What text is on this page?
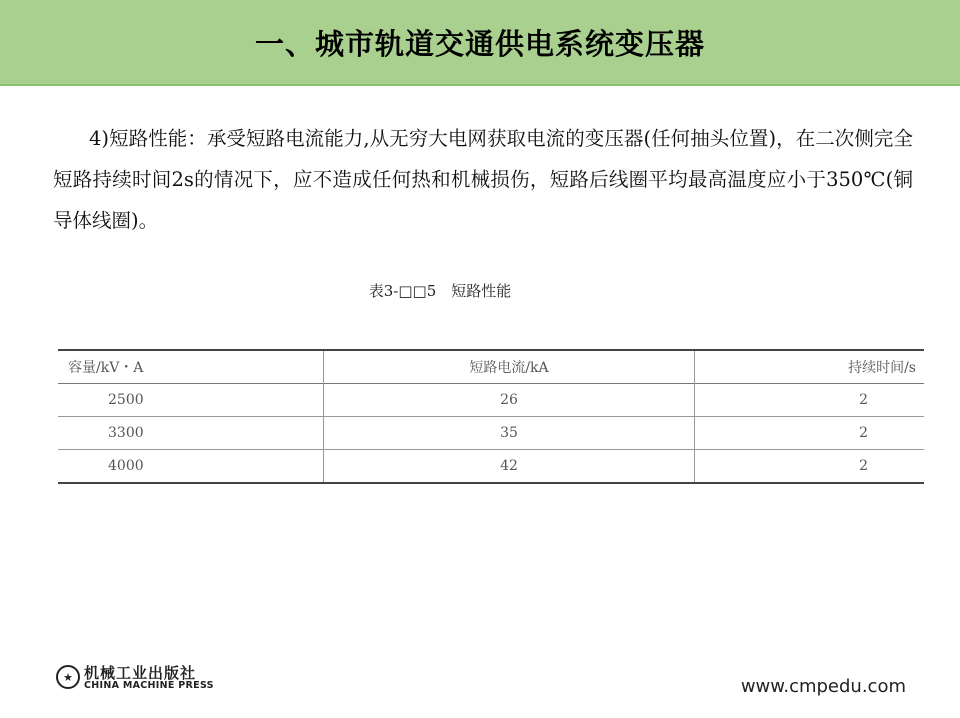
一、城市轨道交通供电系统变压器

4)短路性能：承受短路电流能力,从无穷大电网获取电流的变压器(任何抽头位置)，在二次侧完全短路持续时间2s的情况下，应不造成任何热和机械损伤，短路后线圈平均最高温度应小于350℃(铜导体线圈)。

表3-□□5　短路性能
容量/kV・A	短路电流/kA	持续时间/s
2500	26	2
3300	35	2
4000	42	2
★ 机械工业出版社
CHINA MACHINE PRESS	www.cmpedu.com
